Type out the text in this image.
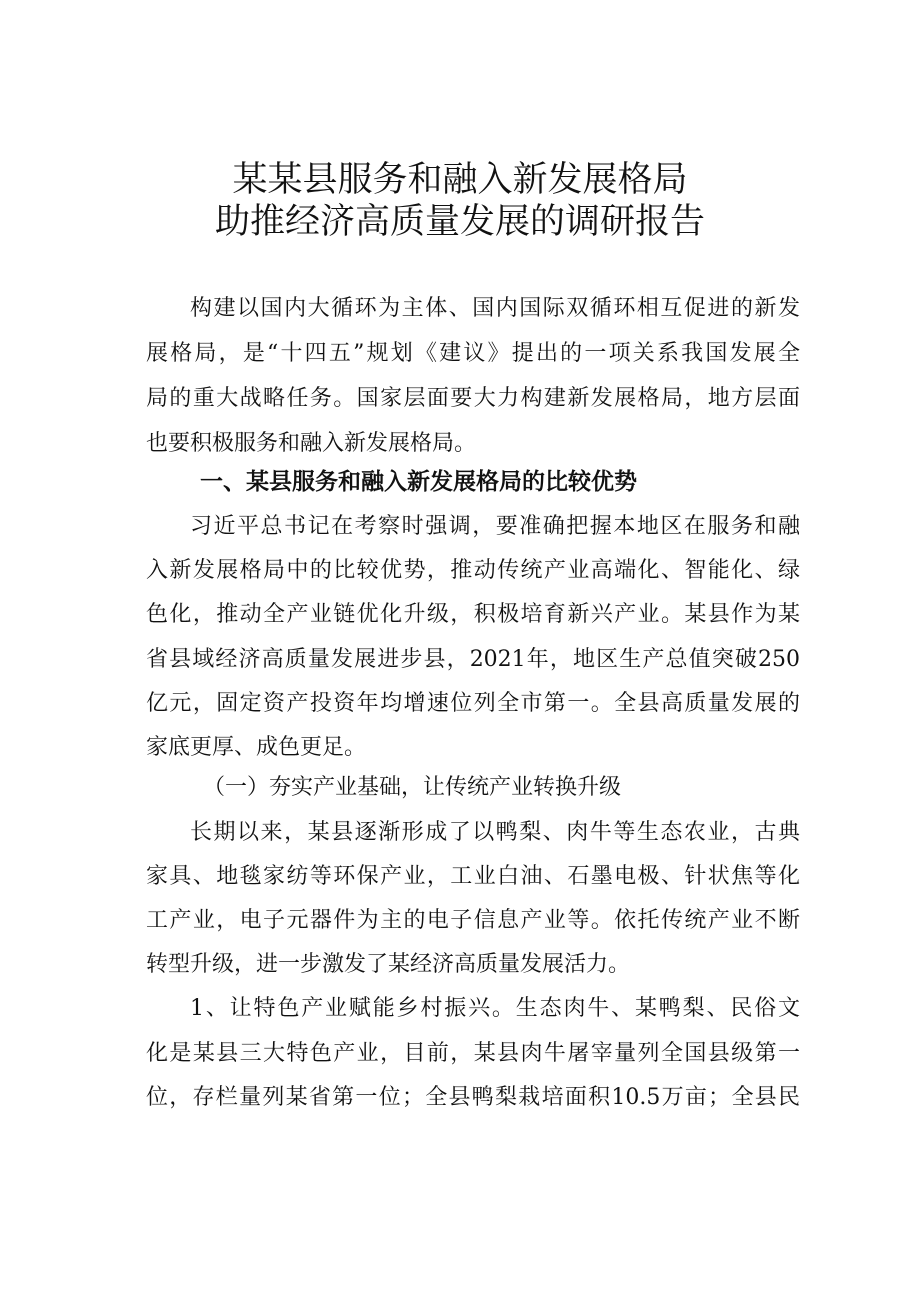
某某县服务和融入新发展格局
助推经济高质量发展的调研报告
构建以国内大循环为主体、国内国际双循环相互促进的新发
展格局，是“十四五”规划《建议》提出的一项关系我国发展全
局的重大战略任务。国家层面要大力构建新发展格局，地方层面
也要积极服务和融入新发展格局。
一、某县服务和融入新发展格局的比较优势
习近平总书记在考察时强调，要准确把握本地区在服务和融
入新发展格局中的比较优势，推动传统产业高端化、智能化、绿
色化，推动全产业链优化升级，积极培育新兴产业。某县作为某
省县域经济高质量发展进步县，2021年，地区生产总值突破250
亿元，固定资产投资年均增速位列全市第一。全县高质量发展的
家底更厚、成色更足。
（一）夯实产业基础，让传统产业转换升级
长期以来，某县逐渐形成了以鸭梨、肉牛等生态农业，古典
家具、地毯家纺等环保产业，工业白油、石墨电极、针状焦等化
工产业，电子元器件为主的电子信息产业等。依托传统产业不断
转型升级，进一步激发了某经济高质量发展活力。
1、让特色产业赋能乡村振兴。生态肉牛、某鸭梨、民俗文
化是某县三大特色产业，目前，某县肉牛屠宰量列全国县级第一
位，存栏量列某省第一位；全县鸭梨栽培面积10.5万亩；全县民
